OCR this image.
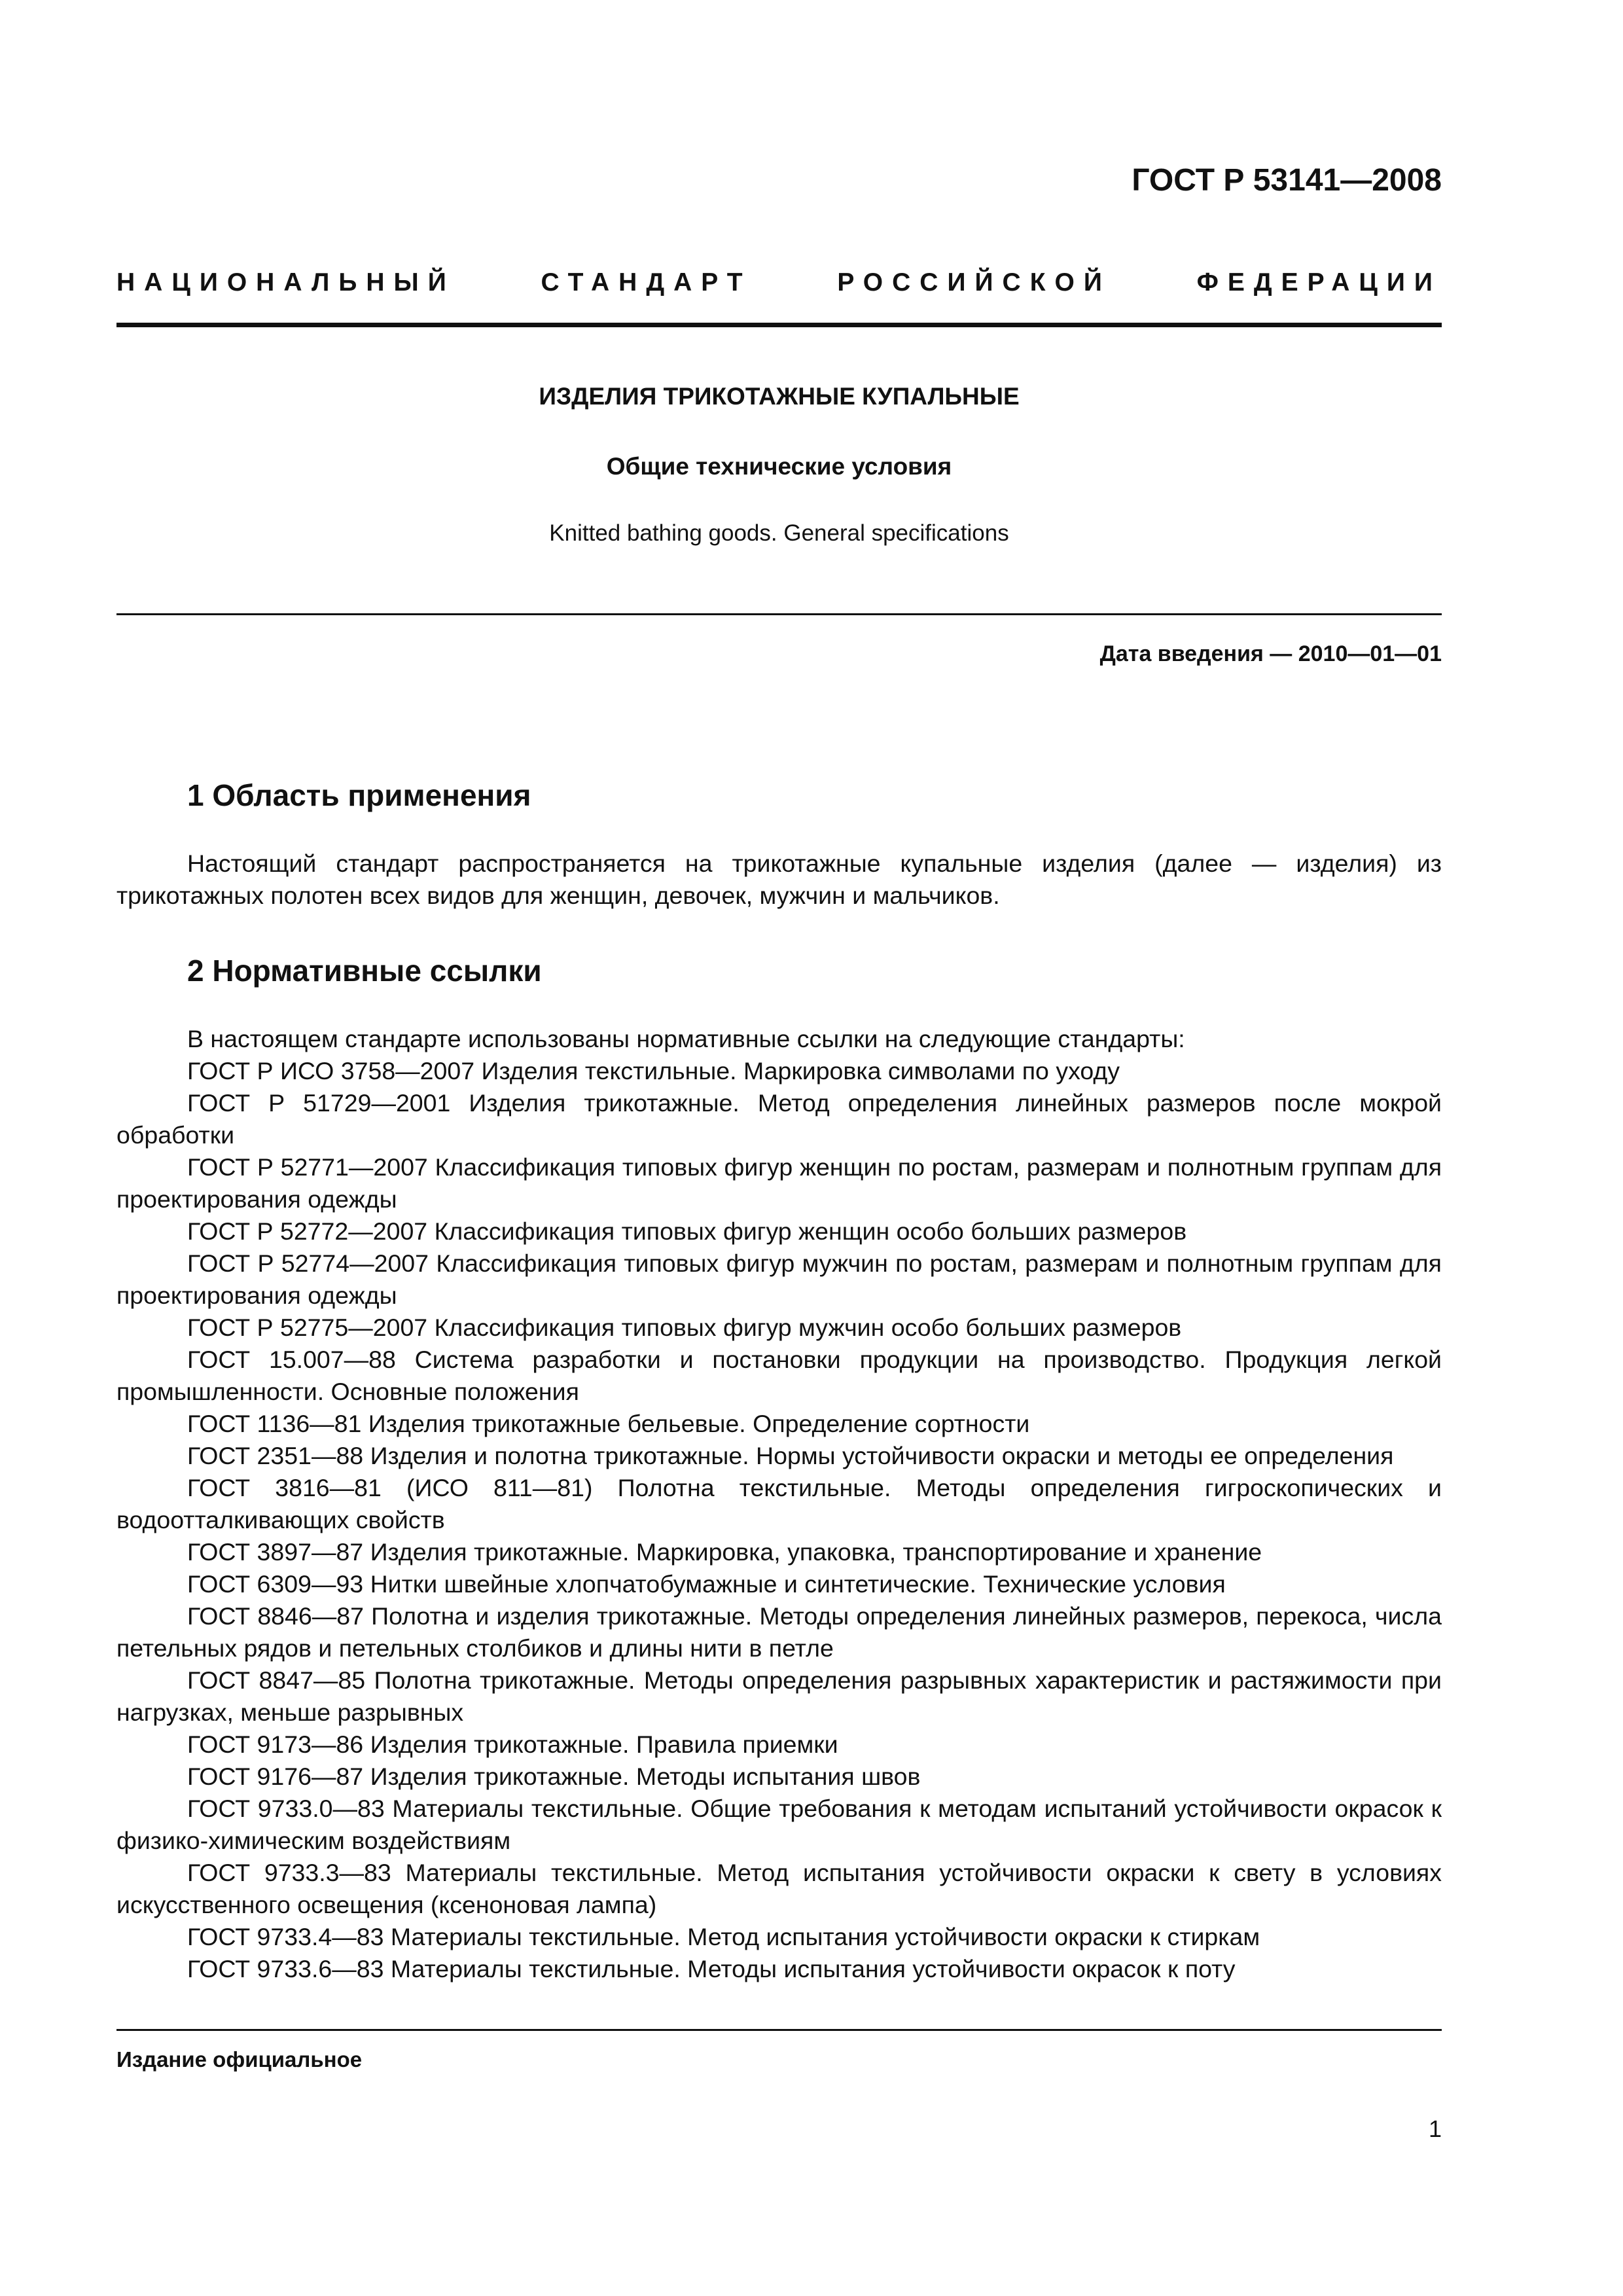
ГОСТ Р 53141—2008
НАЦИОНАЛЬНЫЙ	СТАНДАРТ	РОССИЙСКОЙ	ФЕДЕРАЦИИ
ИЗДЕЛИЯ ТРИКОТАЖНЫЕ КУПАЛЬНЫЕ
Общие технические условия

Knitted bathing goods. General specifications

Дата введения — 2010—01—01
1 Область применения

Настоящий стандарт распространяется на трикотажные купальные изделия (далее — изделия) из трикотажных полотен всех видов для женщин, девочек, мужчин и мальчиков.

2 Нормативные ссылки

В настоящем стандарте использованы нормативные ссылки на следующие стандарты:

ГОСТ Р ИСО 3758—2007 Изделия текстильные. Маркировка символами по уходу

ГОСТ Р 51729—2001 Изделия трикотажные. Метод определения линейных размеров после мокрой обработки

ГОСТ Р 52771—2007 Классификация типовых фигур женщин по ростам, размерам и полнотным группам для проектирования одежды

ГОСТ Р 52772—2007 Классификация типовых фигур женщин особо больших размеров

ГОСТ Р 52774—2007 Классификация типовых фигур мужчин по ростам, размерам и полнотным группам для проектирования одежды

ГОСТ Р 52775—2007 Классификация типовых фигур мужчин особо больших размеров

ГОСТ 15.007—88 Система разработки и постановки продукции на производство. Продукция легкой промышленности. Основные положения

ГОСТ 1136—81 Изделия трикотажные бельевые. Определение сортности

ГОСТ 2351—88 Изделия и полотна трикотажные. Нормы устойчивости окраски и методы ее определения

ГОСТ 3816—81 (ИСО 811—81) Полотна текстильные. Методы определения гигроскопических и водоотталкивающих свойств

ГОСТ 3897—87 Изделия трикотажные. Маркировка, упаковка, транспортирование и хранение

ГОСТ 6309—93 Нитки швейные хлопчатобумажные и синтетические. Технические условия

ГОСТ 8846—87 Полотна и изделия трикотажные. Методы определения линейных размеров, перекоса, числа петельных рядов и петельных столбиков и длины нити в петле

ГОСТ 8847—85 Полотна трикотажные. Методы определения разрывных характеристик и растяжимости при нагрузках, меньше разрывных

ГОСТ 9173—86 Изделия трикотажные. Правила приемки

ГОСТ 9176—87 Изделия трикотажные. Методы испытания швов

ГОСТ 9733.0—83 Материалы текстильные. Общие требования к методам испытаний устойчивости окрасок к физико-химическим воздействиям

ГОСТ 9733.3—83 Материалы текстильные. Метод испытания устойчивости окраски к свету в условиях искусственного освещения (ксеноновая лампа)

ГОСТ 9733.4—83 Материалы текстильные. Метод испытания устойчивости окраски к стиркам

ГОСТ 9733.6—83 Материалы текстильные. Методы испытания устойчивости окрасок к поту

Издание официальное
1
